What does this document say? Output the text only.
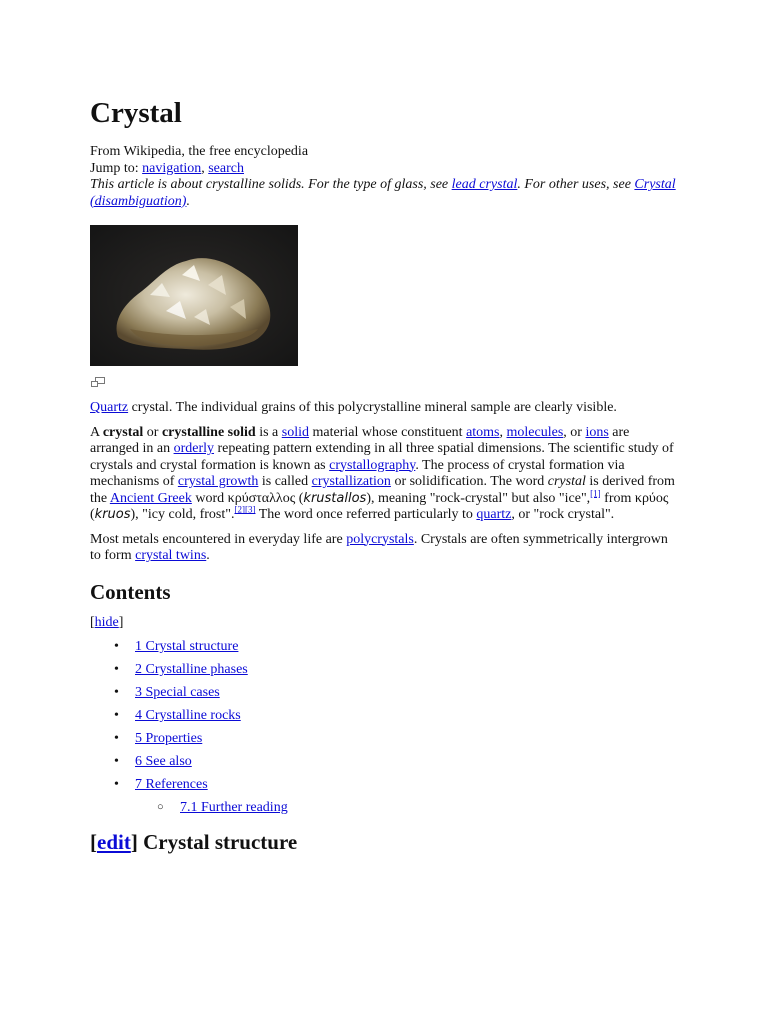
Crystal
From Wikipedia, the free encyclopedia
Jump to: navigation, search
This article is about crystalline solids. For the type of glass, see lead crystal. For other uses, see Crystal (disambiguation).
Quartz crystal. The individual grains of this polycrystalline mineral sample are clearly visible.

A crystal or crystalline solid is a solid material whose constituent atoms, molecules, or ions are arranged in an orderly repeating pattern extending in all three spatial dimensions. The scientific study of crystals and crystal formation is known as crystallography. The process of crystal formation via mechanisms of crystal growth is called crystallization or solidification. The word crystal is derived from the Ancient Greek word κρύσταλλος (krustallos), meaning "rock-crystal" but also "ice",[1] from κρύος (kruos), "icy cold, frost".[2][3] The word once referred particularly to quartz, or "rock crystal".

Most metals encountered in everyday life are polycrystals. Crystals are often symmetrically intergrown to form crystal twins.

Contents
[hide]
• 1 Crystal structure
• 2 Crystalline phases
• 3 Special cases
• 4 Crystalline rocks
• 5 Properties
• 6 See also
• 7 References
○ 7.1 Further reading
[edit] Crystal structure
